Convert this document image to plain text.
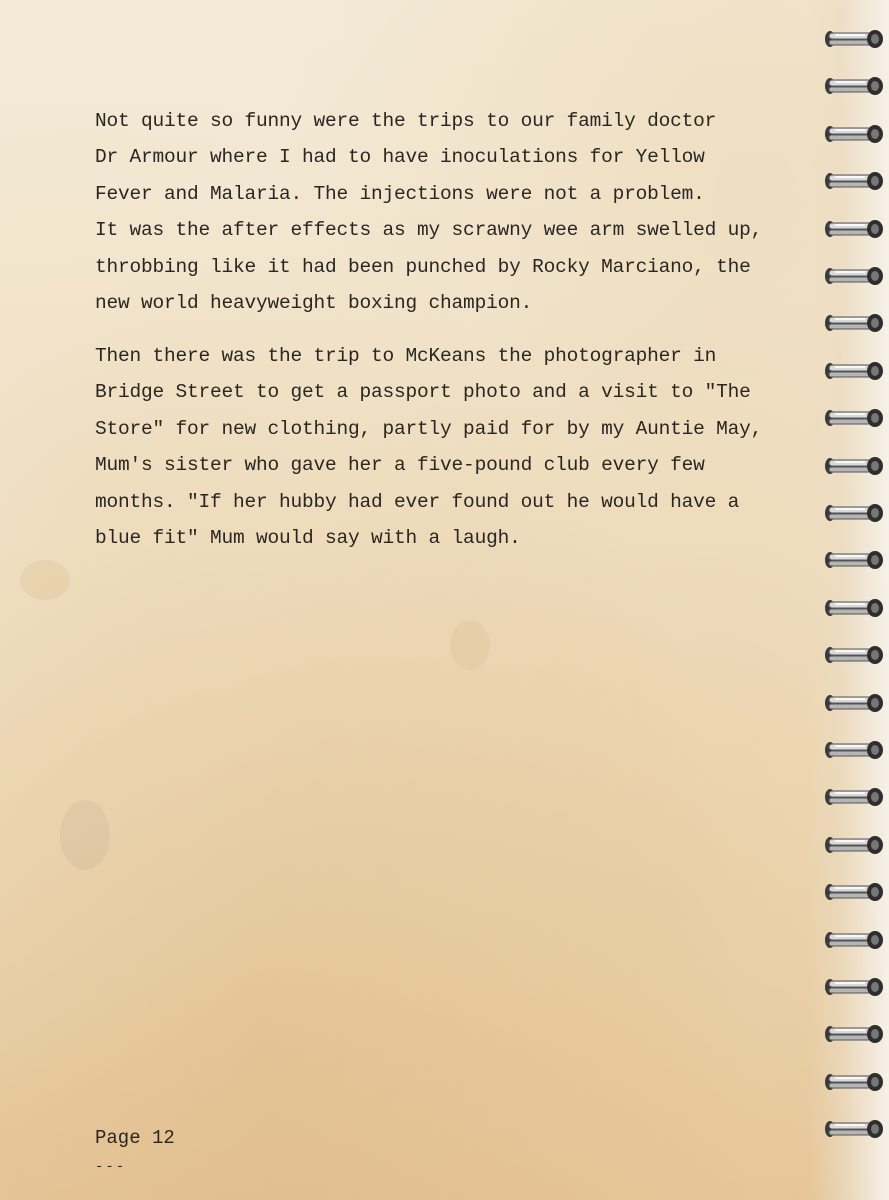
Not quite so funny were the trips to our family doctor
Dr Armour where I had to have inoculations for Yellow
Fever and Malaria. The injections were not a problem.
It was the after effects as my scrawny wee arm swelled up,
throbbing like it had been punched by Rocky Marciano, the
new world heavyweight boxing champion.
Then there was the trip to McKeans the photographer in
Bridge Street to get a passport photo and a visit to "The
Store" for new clothing, partly paid for by my Auntie May,
Mum's sister who gave her a five-pound club every few
months. "If her hubby had ever found out he would have a
blue fit" Mum would say with a laugh.
Page 12
---
